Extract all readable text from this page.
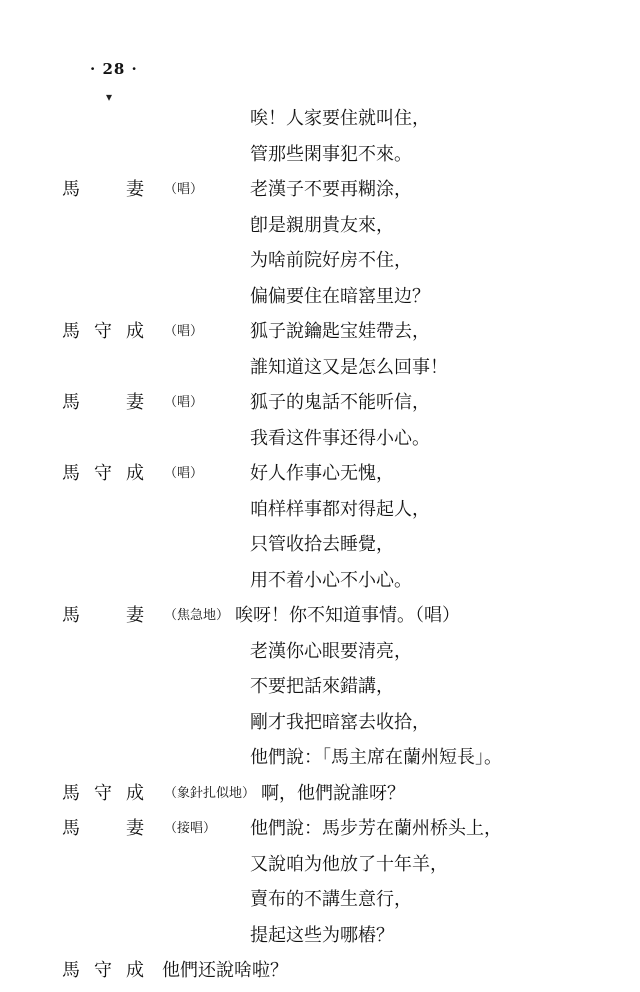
· 28 ·
▾
唉！人家要住就叫住，
管那些閑事犯不來。
馬　妻 （唱）	老漢子不要再糊涂，
卽是親朋貴友來，
为啥前院好房不住，
偏偏要住在暗窰里边？
馬守成 （唱）	狐子說鑰匙宝娃帶去，
誰知道这又是怎么回事！
馬　妻 （唱）	狐子的鬼話不能听信，
我看这件事还得小心。
馬守成 （唱）	好人作事心无愧，
咱样样事都对得起人，
只管收拾去睡覺，
用不着小心不小心。
馬　妻 （焦急地） 唉呀！你不知道事情。（唱）
老漢你心眼要清亮，
不要把話來錯講，
剛才我把暗窰去收拾，
他們說：「馬主席在蘭州短長」。
馬守成 （象針扎似地） 啊，他們說誰呀？
馬　妻 （接唱） 他們說：馬步芳在蘭州桥头上，
又說咱为他放了十年羊，
賣布的不講生意行，
提起这些为哪樁？
馬守成 他們还說啥啦？
